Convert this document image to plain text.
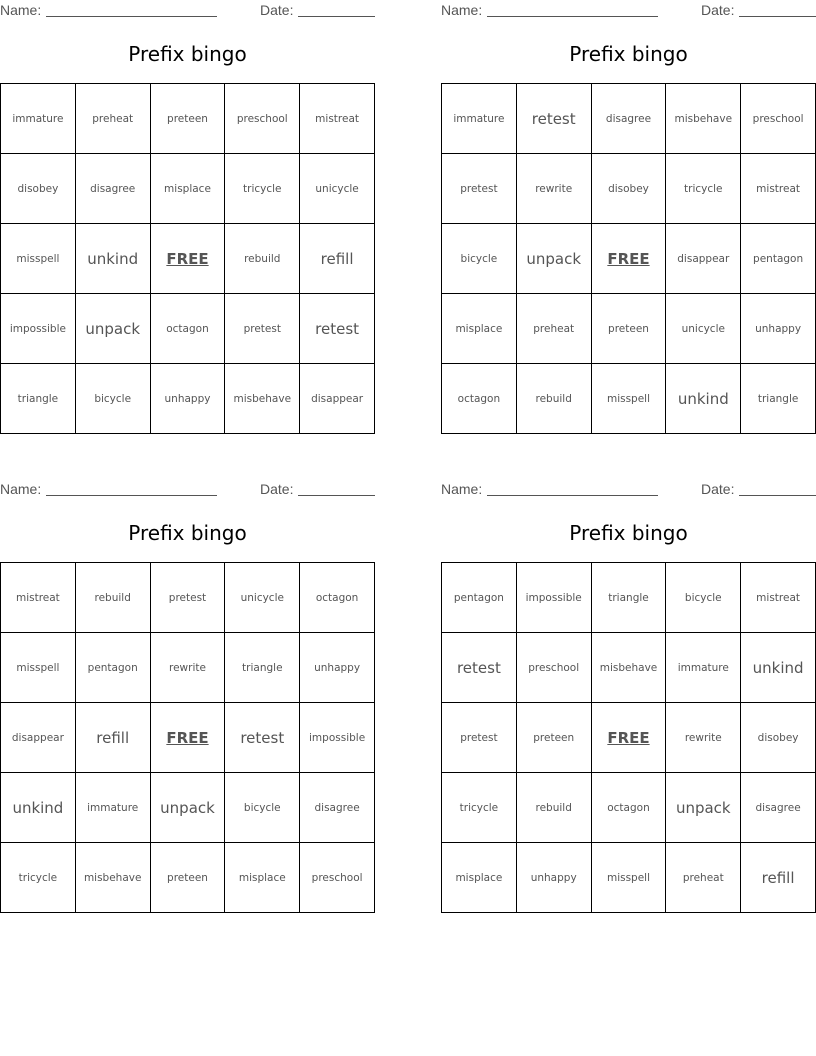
Name:	Date:
Prefix bingo
immature	preheat	preteen	preschool	mistreat
disobey	disagree	misplace	tricycle	unicycle
misspell	unkind	FREE	rebuild	refill
impossible	unpack	octagon	pretest	retest
triangle	bicycle	unhappy	misbehave	disappear
Name:	Date:
Prefix bingo
immature	retest	disagree	misbehave	preschool
pretest	rewrite	disobey	tricycle	mistreat
bicycle	unpack	FREE	disappear	pentagon
misplace	preheat	preteen	unicycle	unhappy
octagon	rebuild	misspell	unkind	triangle
Name:	Date:
Prefix bingo
mistreat	rebuild	pretest	unicycle	octagon
misspell	pentagon	rewrite	triangle	unhappy
disappear	refill	FREE	retest	impossible
unkind	immature	unpack	bicycle	disagree
tricycle	misbehave	preteen	misplace	preschool
Name:	Date:
Prefix bingo
pentagon	impossible	triangle	bicycle	mistreat
retest	preschool	misbehave	immature	unkind
pretest	preteen	FREE	rewrite	disobey
tricycle	rebuild	octagon	unpack	disagree
misplace	unhappy	misspell	preheat	refill
